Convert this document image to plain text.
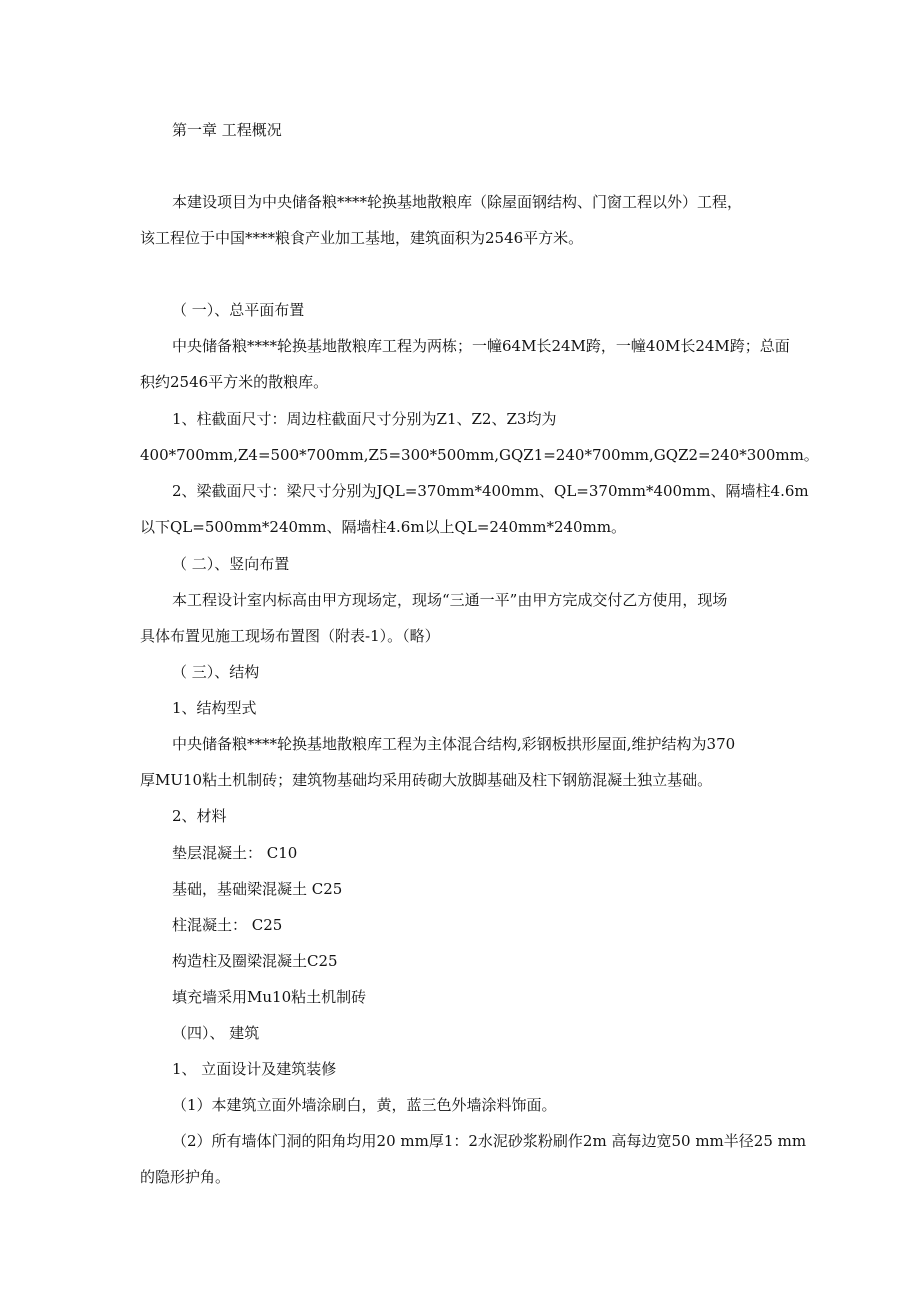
第一章 工程概况

本建设项目为中央储备粮****轮换基地散粮库（除屋面钢结构、门窗工程以外）工程，

该工程位于中国****粮食产业加工基地，建筑面积为2546平方米。

（ 一）、总平面布置

中央储备粮****轮换基地散粮库工程为两栋；一幢64M长24M跨，一幢40M长24M跨；总面

积约2546平方米的散粮库。

1、柱截面尺寸：周边柱截面尺寸分别为Z1、Z2、Z3均为

400*700mm,Z4=500*700mm,Z5=300*500mm,GQZ1=240*700mm,GQZ2=240*300mm。

2、梁截面尺寸：梁尺寸分别为JQL=370mm*400mm、QL=370mm*400mm、隔墙柱4.6m

以下QL=500mm*240mm、隔墙柱4.6m以上QL=240mm*240mm。

（ 二）、竖向布置

本工程设计室内标高由甲方现场定，现场“三通一平”由甲方完成交付乙方使用，现场

具体布置见施工现场布置图（附表-1）。（略）

（ 三）、结构

1、结构型式

中央储备粮****轮换基地散粮库工程为主体混合结构,彩钢板拱形屋面,维护结构为370

厚MU10粘土机制砖；建筑物基础均采用砖砌大放脚基础及柱下钢筋混凝土独立基础。

2、材料

垫层混凝土： C10

基础，基础梁混凝土 C25

柱混凝土： C25

构造柱及圈梁混凝土C25

填充墙采用Mu10粘土机制砖

（四）、 建筑

1、 立面设计及建筑装修

（1）本建筑立面外墙涂刷白，黄，蓝三色外墙涂料饰面。

（2）所有墙体门洞的阳角均用20 mm厚1：2水泥砂浆粉刷作2m 高每边宽50 mm半径25 mm

的隐形护角。
